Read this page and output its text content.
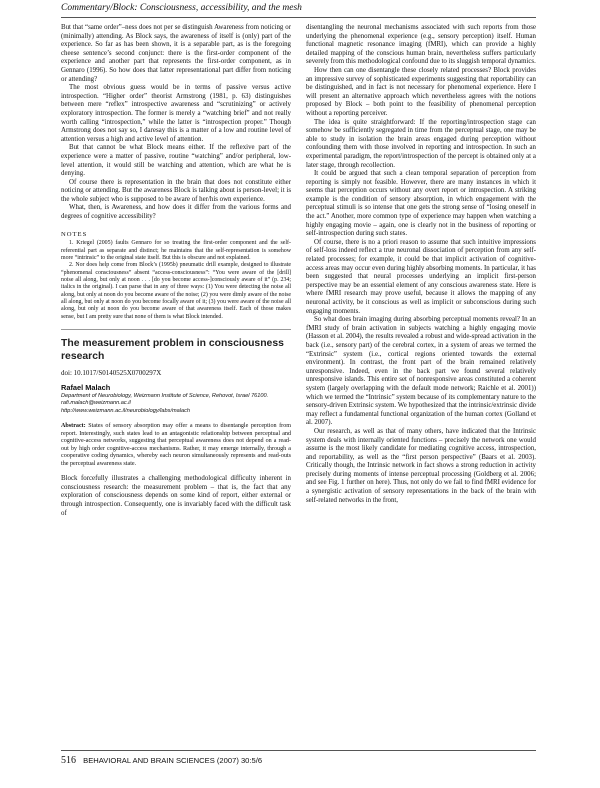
Commentary/Block: Consciousness, accessibility, and the mesh

But that “same order”–ness does not per se distinguish Awareness from noticing or (minimally) attending. As Block says, the awareness of itself is (only) part of the experience. So far as has been shown, it is a separable part, as is the foregoing cheese sentence’s second conjunct: there is the first-order component of the experience and another part that represents the first-order component, as in Gennaro (1996). So how does that latter representational part differ from noticing or attending?

The most obvious guess would be in terms of passive versus active introspection. “Higher order” theorist Armstrong (1981, p. 63) distinguishes between mere “reflex” introspective awareness and “scrutinizing” or actively exploratory introspection. The former is merely a “watching brief” and not really worth calling “introspection,” while the latter is “introspection proper.” Though Armstrong does not say so, I daresay this is a matter of a low and routine level of attention versus a high and active level of attention.

But that cannot be what Block means either. If the reflexive part of the experience were a matter of passive, routine “watching” and/or peripheral, low-level attention, it would still be watching and attention, which are what he is denying.

Of course there is representation in the brain that does not constitute either noticing or attending. But the awareness Block is talking about is person-level; it is the whole subject who is supposed to be aware of her/his own experience.

What, then, is Awareness, and how does it differ from the various forms and degrees of cognitive accessibility?

NOTES

1. Kriegel (2005) faults Gennaro for so treating the first-order component and the self-referential part as separate and distinct; he maintains that the self-representation is somehow more “intrinsic” to the original state itself. But this is obscure and not explained.

2. Nor does help come from Block’s (1995b) pneumatic drill example, designed to illustrate “phenomenal consciousness” absent “access-consciousness”: “You were aware of the [drill] noise all along, but only at noon . . . [do you become access-]consciously aware of it” (p. 234; italics in the original). I can parse that in any of three ways: (1) You were detecting the noise all along, but only at noon do you become aware of the noise; (2) you were dimly aware of the noise all along, but only at noon do you become focally aware of it; (3) you were aware of the noise all along, but only at noon do you become aware of that awareness itself. Each of those makes sense, but I am pretty sure that none of them is what Block intended.

The measurement problem in consciousness research
doi: 10.1017/S0140525X0700297X
Rafael Malach
Department of Neurobiology, Weizmann Institute of Science, Rehovot, Israel 76100.
rafi.malach@weizmann.ac.il
http://www.weizmann.ac.il/neurobiology/labs/malach
Abstract: States of sensory absorption may offer a means to disentangle perception from report. Interestingly, such states lead to an antagonistic relationship between perceptual and cognitive-access networks, suggesting that perceptual awareness does not depend on a read-out by high order cognitive-access mechanisms. Rather, it may emerge internally, through a cooperative coding dynamics, whereby each neuron simultaneously represents and read-outs the perceptual awareness state.

Block forcefully illustrates a challenging methodological difficulty inherent in consciousness research: the measurement problem – that is, the fact that any exploration of consciousness depends on some kind of report, either external or through introspection. Consequently, one is invariably faced with the difficult task of

disentangling the neuronal mechanisms associated with such reports from those underlying the phenomenal experience (e.g., sensory perception) itself. Human functional magnetic resonance imaging (fMRI), which can provide a highly detailed mapping of the conscious human brain, nevertheless suffers particularly severely from this methodological confound due to its sluggish temporal dynamics.

How then can one disentangle these closely related processes? Block provides an impressive survey of sophisticated experiments suggesting that reportability can be distinguished, and in fact is not necessary for phenomenal experience. Here I will present an alternative approach which nevertheless agrees with the notions proposed by Block – both point to the feasibility of phenomenal perception without a reporting perceiver.

The idea is quite straightforward: If the reporting/introspection stage can somehow be sufficiently segregated in time from the perceptual stage, one may be able to study in isolation the brain areas engaged during perception without confounding them with those involved in reporting and introspection. In such an experimental paradigm, the report/introspection of the percept is obtained only at a later stage, through recollection.

It could be argued that such a clean temporal separation of perception from reporting is simply not feasible. However, there are many instances in which it seems that perception occurs without any overt report or introspection. A striking example is the condition of sensory absorption, in which engagement with the perceptual stimuli is so intense that one gets the strong sense of “losing oneself in the act.” Another, more common type of experience may happen when watching a highly engaging movie – again, one is clearly not in the business of reporting or self-introspection during such states.

Of course, there is no a priori reason to assume that such intuitive impressions of self-loss indeed reflect a true neuronal dissociation of perception from any self-related processes; for example, it could be that implicit activation of cognitive-access areas may occur even during highly absorbing moments. In particular, it has been suggested that neural processes underlying an implicit first-person perspective may be an essential element of any conscious awareness state. Here is where fMRI research may prove useful, because it allows the mapping of any neuronal activity, be it conscious as well as implicit or subconscious during such engaging moments.

So what does brain imaging during absorbing perceptual moments reveal? In an fMRI study of brain activation in subjects watching a highly engaging movie (Hasson et al. 2004), the results revealed a robust and wide-spread activation in the back (i.e., sensory part) of the cerebral cortex, in a system of areas we termed the “Extrinsic” system (i.e., cortical regions oriented towards the external environment). In contrast, the front part of the brain remained relatively unresponsive. Indeed, even in the back part we found several relatively unresponsive islands. This entire set of nonresponsive areas constituted a coherent system (largely overlapping with the default mode network; Raichle et al. 2001)) which we termed the “Intrinsic” system because of its complementary nature to the sensory-driven Extrinsic system. We hypothesized that the intrinsic/extrinsic divide may reflect a fundamental functional organization of the human cortex (Golland et al. 2007).

Our research, as well as that of many others, have indicated that the Intrinsic system deals with internally oriented functions – precisely the network one would assume is the most likely candidate for mediating cognitive access, introspection, and reportability, as well as the “first person perspective” (Baars et al. 2003). Critically though, the Intrinsic network in fact shows a strong reduction in activity precisely during moments of intense perceptual processing (Goldberg et al. 2006; and see Fig. 1 further on here). Thus, not only do we fail to find fMRI evidence for a synergistic activation of sensory representations in the back of the brain with self-related networks in the front,

516 BEHAVIORAL AND BRAIN SCIENCES (2007) 30:5/6
